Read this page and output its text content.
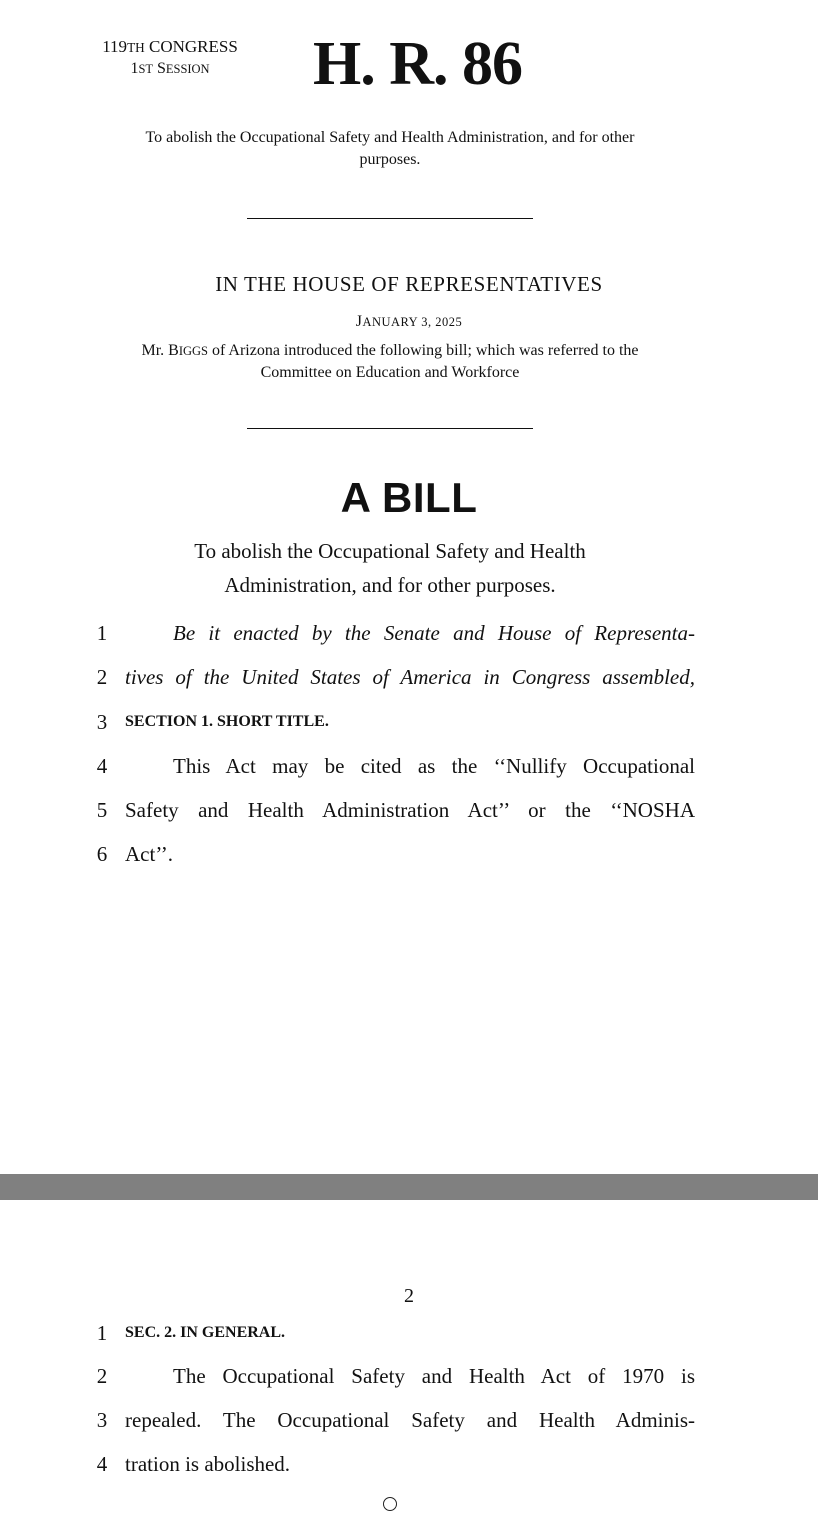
119TH CONGRESS
1ST SESSION	H. R. 86
To abolish the Occupational Safety and Health Administration, and for other
purposes.
IN THE HOUSE OF REPRESENTATIVES
JANUARY 3, 2025
Mr. BIGGS of Arizona introduced the following bill; which was referred to the
Committee on Education and Workforce
A BILL
To abolish the Occupational Safety and Health
Administration, and for other purposes.
1	Be it enacted by the Senate and House of Representa-
2 tives of the United States of America in Congress assembled,
3	SECTION 1. SHORT TITLE.
4	This Act may be cited as the ‘‘Nullify Occupational
5 Safety and Health Administration Act’’ or the ‘‘NOSHA
6 Act’’.
2
1	SEC. 2. IN GENERAL.
2	The Occupational Safety and Health Act of 1970 is
3 repealed. The Occupational Safety and Health Adminis-
4 tration is abolished.
